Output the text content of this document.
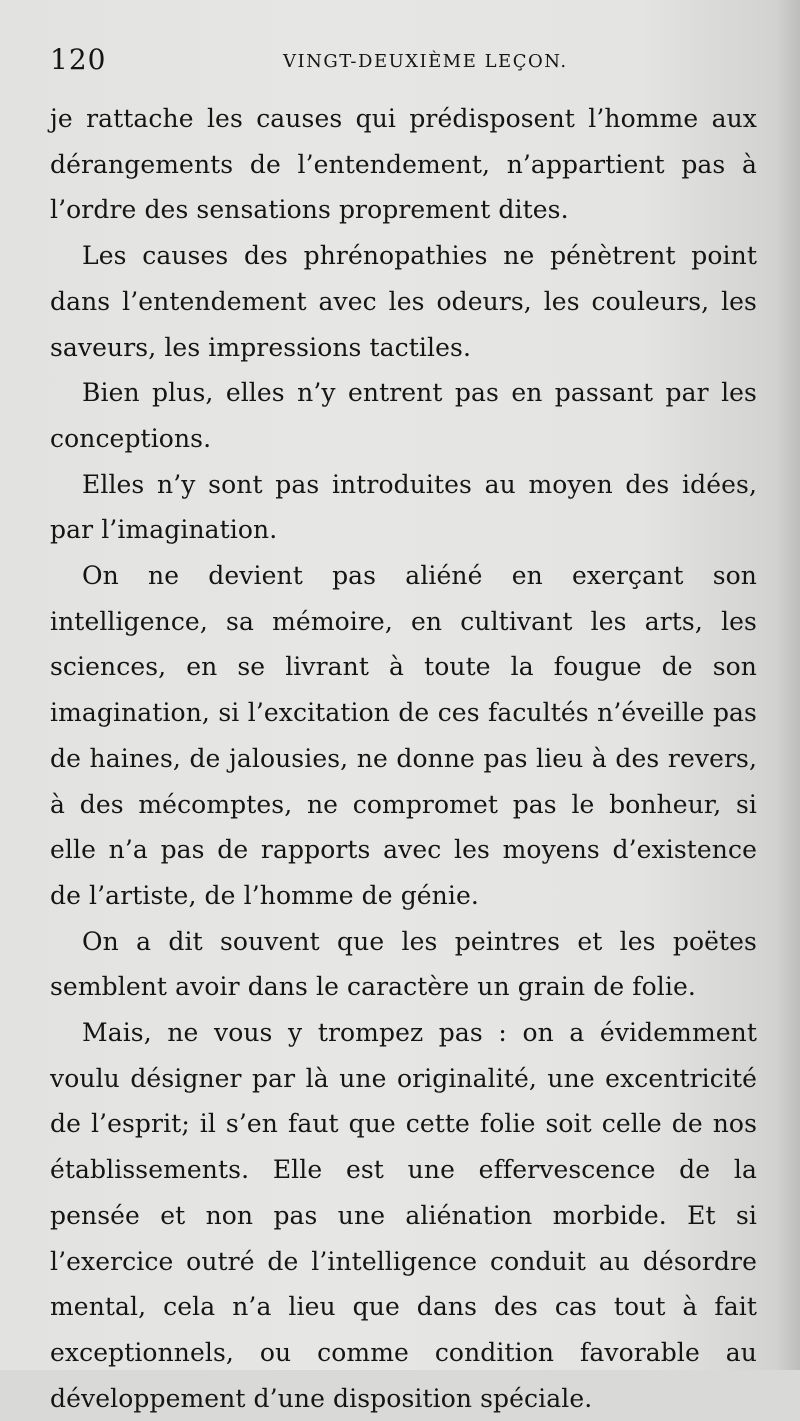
120	VINGT-DEUXIÈME LEÇON.

je rattache les causes qui prédisposent l’homme aux dérangements de l’entendement, n’appartient pas à l’ordre des sensations proprement dites.

Les causes des phrénopathies ne pénètrent point dans l’entendement avec les odeurs, les couleurs, les saveurs, les impressions tactiles.

Bien plus, elles n’y entrent pas en passant par les conceptions.

Elles n’y sont pas introduites au moyen des idées, par l’imagination.

On ne devient pas aliéné en exerçant son intelligence, sa mémoire, en cultivant les arts, les sciences, en se livrant à toute la fougue de son imagination, si l’excitation de ces facultés n’éveille pas de haines, de jalousies, ne donne pas lieu à des revers, à des mécomptes, ne compromet pas le bonheur, si elle n’a pas de rapports avec les moyens d’existence de l’artiste, de l’homme de génie.

On a dit souvent que les peintres et les poëtes semblent avoir dans le caractère un grain de folie.

Mais, ne vous y trompez pas : on a évidemment voulu désigner par là une originalité, une excentricité de l’esprit; il s’en faut que cette folie soit celle de nos établissements. Elle est une effervescence de la pensée et non pas une aliénation morbide. Et si l’exercice outré de l’intelligence conduit au désordre mental, cela n’a lieu que dans des cas tout à fait exceptionnels, ou comme condition favorable au développement d’une disposition spéciale.
